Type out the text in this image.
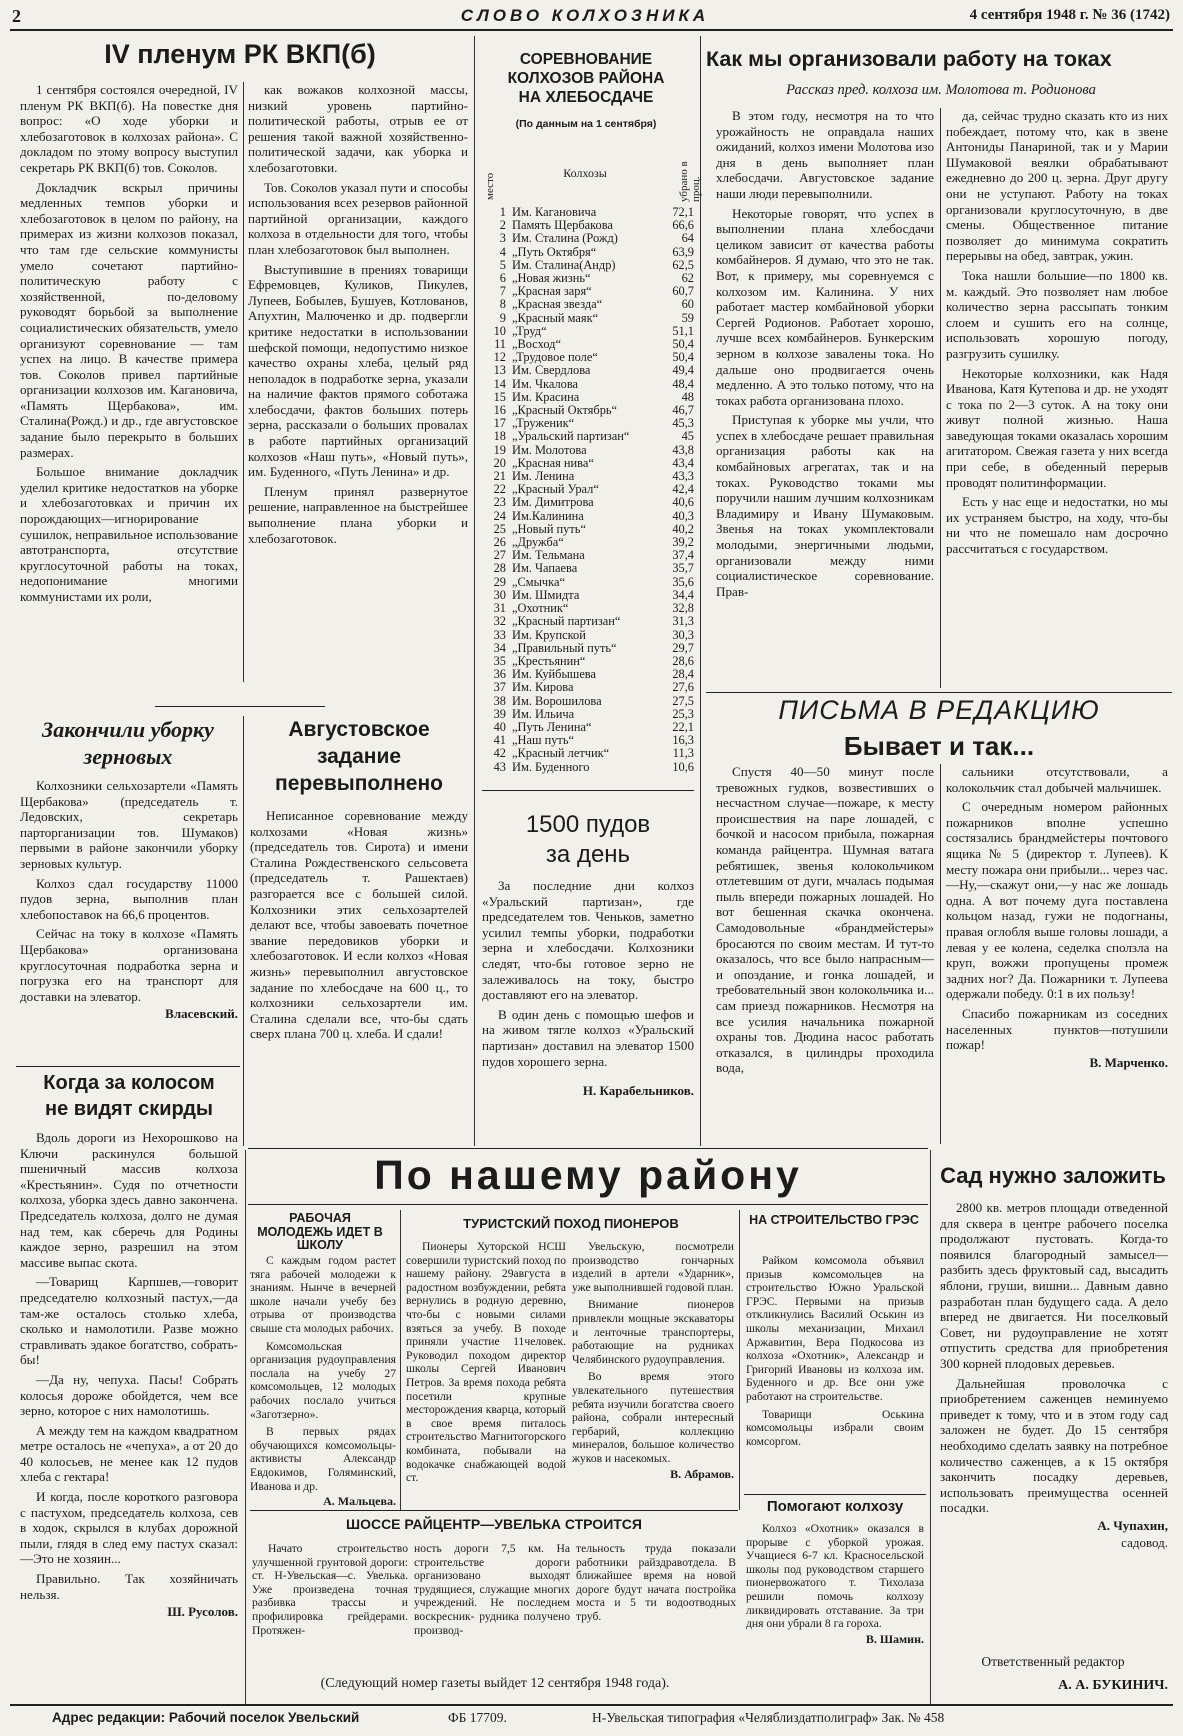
2	СЛОВО КОЛХОЗНИКА	4 сентября 1948 г. № 36 (1742)
IV пленум РК ВКП(б)

1 сентября состоялся очередной, IV пленум РК ВКП(б). На повестке дня вопрос: «О ходе уборки и хлебозаготовок в колхозах района». С докладом по этому вопросу выступил секретарь РК ВКП(б) тов. Соколов.

Докладчик вскрыл причины медленных темпов уборки и хлебозаготовок в целом по району, на примерах из жизни колхозов показал, что там где сельские коммунисты умело сочетают партийно-политическую работу с хозяйственной, по-деловому руководят борьбой за выполнение социалистических обязательств, умело организуют соревнование — там успех на лицо. В качестве примера тов. Соколов привел партийные организации колхозов им. Кагановича, «Память Щербакова», им. Сталина(Рожд.) и др., где августовское задание было перекрыто в больших размерах.

Большое внимание докладчик уделил критике недостатков на уборке и хлебозаготовках и причин их порождающих—игнорирование сушилок, неправильное использование автотранспорта, отсутствие круглосуточной работы на токах, недопонимание многими коммунистами их роли,

как вожаков колхозной массы, низкий уровень партийно-политической работы, отрыв ее от решения такой важной хозяйственно-политической задачи, как уборка и хлебозаготовки.

Тов. Соколов указал пути и способы использования всех резервов районной партийной организации, каждого колхоза в отдельности для того, чтобы план хлебозаготовок был выполнен.

Выступившие в прениях товарищи Ефремовцев, Куликов, Пикулев, Лупеев, Бобылев, Бушуев, Котлованов, Апухтин, Малюченко и др. подвергли критике недостатки в использовании шефской помощи, недопустимо низкое качество охраны хлеба, целый ряд неполадок в подработке зерна, указали на наличие фактов прямого соботажа хлебосдачи, фактов больших потерь зерна, рассказали о больших провалах в работе партийных организаций колхозов «Наш путь», «Новый путь», им. Буденного, «Путь Ленина» и др.

Пленум принял развернутое решение, направленное на быстрейшее выполнение плана уборки и хлебозаготовок.

СОРЕВНОВАНИЕ
КОЛХОЗОВ РАЙОНА
НА ХЛЕБОСДАЧЕ
(По данным на 1 сентября)
место	Колхозы	убрано в проц.
1	Им. Кагановича	72,1
2	Память Щербакова	66,6
3	Им. Сталина (Рожд)	64
4	„Путь Октября“	63,9
5	Им. Сталина(Андр)	62,5
6	„Новая жизнь“	62
7	„Красная заря“	60,7
8	„Красная звезда“	60
9	„Красный маяк“	59
10	„Труд“	51,1
11	„Восход“	50,4
12	„Трудовое поле“	50,4
13	Им. Свердлова	49,4
14	Им. Чкалова	48,4
15	Им. Красина	48
16	„Красный Октябрь“	46,7
17	„Труженик“	45,3
18	„Уральский партизан“	45
19	Им. Молотова	43,8
20	„Красная нива“	43,4
21	Им. Ленина	43,3
22	„Красный Урал“	42,4
23	Им. Димитрова	40,6
24	Им.Калинина	40,3
25	„Новый путь“	40,2
26	„Дружба“	39,2
27	Им. Тельмана	37,4
28	Им. Чапаева	35,7
29	„Смычка“	35,6
30	Им. Шмидта	34,4
31	„Охотник“	32,8
32	„Красный партизан“	31,3
33	Им. Крупской	30,3
34	„Правильный путь“	29,7
35	„Крестьянин“	28,6
36	Им. Куйбышева	28,4
37	Им. Кирова	27,6
38	Им. Ворошилова	27,5
39	Им. Ильича	25,3
40	„Путь Ленина“	22,1
41	„Наш путь“	16,3
42	„Красный летчик“	11,3
43	Им. Буденного	10,6
Как мы организовали работу на токах
Рассказ пред. колхоза им. Молотова т. Родионова

В этом году, несмотря на то что урожайность не оправдала наших ожиданий, колхоз имени Молотова изо дня в день выполняет план хлебосдачи. Августовское задание наши люди перевыполнили.

Некоторые говорят, что успех в выполнении плана хлебосдачи целиком зависит от качества работы комбайнеров. Я думаю, что это не так. Вот, к примеру, мы соревнуемся с колхозом им. Калинина. У них работает мастер комбайновой уборки Сергей Родионов. Работает хорошо, лучше всех комбайнеров. Бункерским зерном в колхозе завалены тока. Но дальше оно продвигается очень медленно. А это только потому, что на токах работа организована плохо.

Приступая к уборке мы учли, что успех в хлебосдаче решает правильная организация работы как на комбайновых агрегатах, так и на токах. Руководство токами мы поручили нашим лучшим колхозникам Владимиру и Ивану Шумаковым. Звенья на токах укомплектовали молодыми, энергичными людьми, организовали между ними социалистическое соревнование. Прав-

да, сейчас трудно сказать кто из них побеждает, потому что, как в звене Антониды Панариной, так и у Марии Шумаковой веялки обрабатывают ежедневно до 200 ц. зерна. Друг другу они не уступают. Работу на токах организовали круглосуточную, в две смены. Общественное питание позволяет до минимума сократить перерывы на обед, завтрак, ужин.

Тока нашли большие—по 1800 кв. м. каждый. Это позволяет нам любое количество зерна рассыпать тонким слоем и сушить его на солнце, использовать хорошую погоду, разгрузить сушилку.

Некоторые колхозники, как Надя Иванова, Катя Кутепова и др. не уходят с тока по 2—3 суток. А на току они живут полной жизнью. Наша заведующая токами оказалась хорошим агитатором. Свежая газета у них всегда при себе, в обеденный перерыв проводят политинформации.

Есть у нас еще и недостатки, но мы их устраняем быстро, на ходу, что-бы ни что не помешало нам досрочно рассчитаться с государством.

ПИСЬМА В РЕДАКЦИЮ
Бывает и так...

Спустя 40—50 минут после тревожных гудков, возвестивших о несчастном случае—пожаре, к месту происшествия на паре лошадей, с бочкой и насосом прибыла, пожарная команда райцентра. Шумная ватага ребятишек, звенья колокольчиком отлетевшим от дуги, мчалась подымая пыль впереди пожарных лошадей. Но вот бешенная скачка окончена. Самодовольные «брандмейстеры» бросаются по своим местам. И тут-то оказалось, что все было напрасным—и опоздание, и гонка лошадей, и требовательный звон колокольчика и... сам приезд пожарников. Несмотря на все усилия начальника пожарной охраны тов. Дюдина насос работать отказался, в цилиндры проходила вода,

сальники отсутствовали, а колокольчик стал добычей мальчишек.

С очередным номером районных пожарников вполне успешно состязались брандмейстеры почтового ящика № 5 (директор т. Лупеев). К месту пожара они прибыли... через час.—Ну,—скажут они,—у нас же лошадь одна. А вот почему дуга поставлена кольцом назад, гужи не подогнаны, правая оглобля выше головы лошади, а левая у ее колена, седелка сползла на круп, вожжи пропущены промеж задних ног? Да. Пожарники т. Лупеева одержали победу. 0:1 в их пользу!

Спасибо пожарникам из соседних населенных пунктов—потушили пожар!

В. Марченко.
Закончили уборку зерновых

Колхозники сельхозартели «Память Щербакова» (председатель т. Ледовских, секретарь парторганизации тов. Шумаков) первыми в районе закончили уборку зерновых культур.

Колхоз сдал государству 11000 пудов зерна, выполнив план хлебопоставок на 66,6 процентов.

Сейчас на току в колхозе «Память Щербакова» организована круглосуточная подработка зерна и погрузка его на транспорт для доставки на элеватор.

Власевский.
Августовское задание перевыполнено

Неписанное соревнование между колхозами «Новая жизнь» (председатель тов. Сирота) и имени Сталина Рождественского сельсовета (председатель т. Рашектаев) разгорается все с большей силой. Колхозники этих сельхозартелей делают все, чтобы завоевать почетное звание передовиков уборки и хлебозаготовок. И если колхоз «Новая жизнь» перевыполнил августовское задание по хлебосдаче на 600 ц., то колхозники сельхозартели им. Сталина сделали все, что-бы сдать сверх плана 700 ц. хлеба. И сдали!

1500 пудов
за день

За последние дни колхоз «Уральский партизан», где председателем тов. Ченьков, заметно усилил темпы уборки, подработки зерна и хлебосдачи. Колхозники следят, что-бы готовое зерно не залеживалось на току, быстро доставляют его на элеватор.

В один день с помощью шефов и на живом тягле колхоз «Уральский партизан» доставил на элеватор 1500 пудов хорошего зерна.

Н. Карабельников.
Когда за колосом
не видят скирды

Вдоль дороги из Нехорошково на Ключи раскинулся большой пшеничный массив колхоза «Крестьянин». Судя по отчетности колхоза, уборка здесь давно закончена. Председатель колхоза, долго не думая над тем, как сберечь для Родины каждое зерно, разрешил на этом массиве выпас скота.

—Товарищ Карпшев,—говорит председателю колхозный пастух,—да там-же осталось столько хлеба, сколько и намолотили. Разве можно стравливать эдакое богатство, собрать-бы!

—Да ну, чепуха. Пасы! Собрать колосья дороже обойдется, чем все зерно, которое с них намолотишь.

А между тем на каждом квадратном метре осталось не «чепуха», а от 20 до 40 колосьев, не менее как 12 пудов хлеба с гектара!

И когда, после короткого разговора с пастухом, председатель колхоза, сев в ходок, скрылся в клубах дорожной пыли, глядя в след ему пастух сказал:—Это не хозяин...

Правильно. Так хозяйничать нельзя.

Ш. Русолов.
По нашему району
РАБОЧАЯ МОЛОДЕЖЬ ИДЕТ В ШКОЛУ

С каждым годом растет тяга рабочей молодежи к знаниям. Нынче в вечерней школе начали учебу без отрыва от производства свыше ста молодых рабочих.

Комсомольская организация рудоуправления послала на учебу 27 комсомольцев, 12 молодых рабочих послало учиться «Заготзерно».

В первых рядах обучающихся комсомольцы-активисты Александр Евдокимов, Голяминский, Иванова и др.

А. Мальцева.
ТУРИСТСКИЙ ПОХОД ПИОНЕРОВ

Пионеры Хуторской НСШ совершили туристский поход по нашему району. 29августа в радостном возбуждении, ребята вернулись в родную деревню, что-бы с новыми силами взяться за учебу. В походе приняли участие 11человек. Руководил походом директор школы Сергей Иванович Петров. За время похода ребята посетили крупные месторождения кварца, который в свое время питалось строительство Магнитогорского комбината, побывали на водокачке снабжающей водой ст.

Увельскую, посмотрели производство гончарных изделий в артели «Ударник», уже выполнившей годовой план.

Внимание пионеров привлекли мощные экскаваторы и ленточные транспортеры, работающие на рудниках Челябинского рудоуправления.

Во время этого увлекательного путешествия ребята изучили богатства своего района, собрали интересный гербарий, коллекцию минералов, большое количество жуков и насекомых.

В. Абрамов.
НА СТРОИТЕЛЬСТВО ГРЭС

Райком комсомола объявил призыв комсомольцев на строительство Южно Уральской ГРЭС. Первыми на призыв откликнулись Василий Оськин из школы механизации, Михаил Аржавитин, Вера Подкосова из колхоза «Охотник», Александр и Григорий Ивановы из колхоза им. Буденного и др. Все они уже работают на строительстве.

Товарищи Оськина комсомольцы избрали своим комсоргом.

ШОССЕ РАЙЦЕНТР—УВЕЛЬКА СТРОИТСЯ

Начато строительство улучшенной грунтовой дороги: ст. Н-Увельская—с. Увелька. Уже произведена точная разбивка трассы и профилировка грейдерами. Протяжен-

ность дороги 7,5 км. На строительстве дороги организовано выходят трудящиеся, служащие многих учреждений. Не последнем воскресник- рудника получено производ-

тельность труда показали работники райздравотдела. В ближайшее время на новой дороге будут начата постройка моста и 5 ти водоотводных труб.

Помогают колхозу

Колхоз «Охотник» оказался в прорыве с уборкой урожая. Учащиеся 6-7 кл. Красносельской школы под руководством старшего пионервожатого т. Тихолаза решили помочь колхозу ликвидировать отставание. За три дня они убрали 8 га гороха.

В. Шамин.
(Следующий номер газеты выйдет 12 сентября 1948 года).
Сад нужно заложить

2800 кв. метров площади отведенной для сквера в центре рабочего поселка продолжают пустовать. Когда-то появился благородный замысел—разбить здесь фруктовый сад, высадить яблони, груши, вишни... Давным давно разработан план будущего сада. А дело вперед не двигается. Ни поселковый Совет, ни рудоуправление не хотят отпустить средства для приобретения 300 корней плодовых деревьев.

Дальнейшая проволочка с приобретением саженцев неминуемо приведет к тому, что и в этом году сад заложен не будет. До 15 сентября необходимо сделать заявку на потребное количество саженцев, а к 15 октября закончить посадку деревьев, использовать преимущества осенней посадки.

А. Чупахин,
садовод.
Ответственный редактор
А. А. БУКИНИЧ.
Адрес редакции: Рабочий поселок Увельский	ФБ 17709.	Н-Увельская типография «Челяблиздатполиграф» Зак. № 458
